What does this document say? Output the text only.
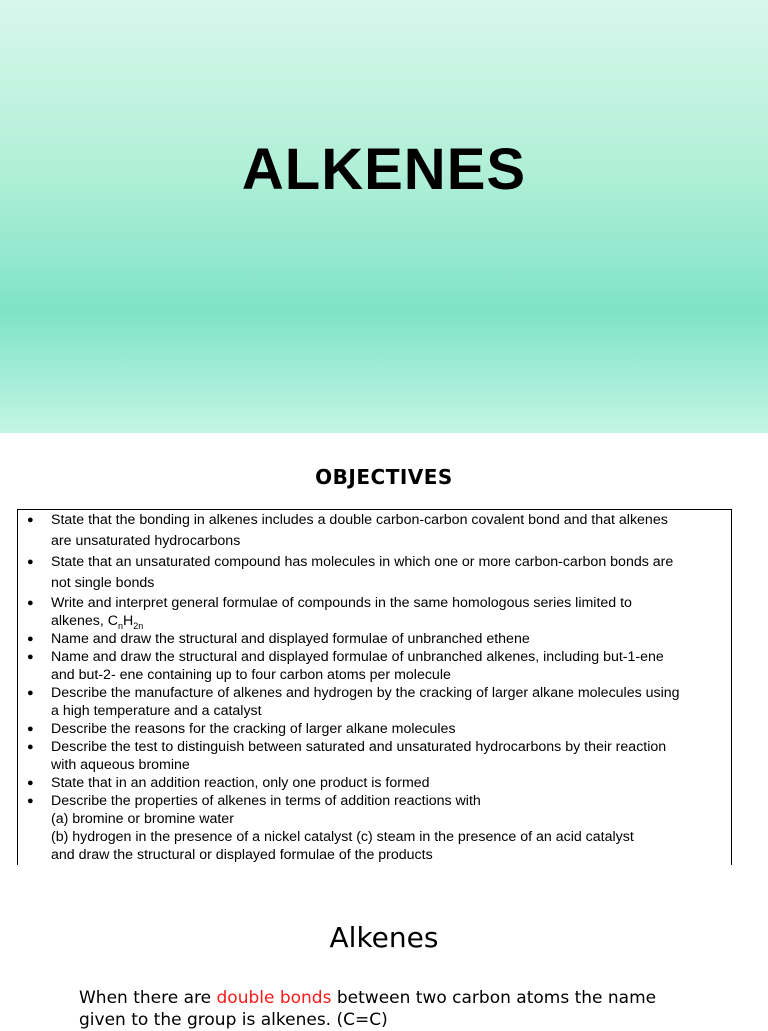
ALKENES
OBJECTIVES
● State that the bonding in alkenes includes a double carbon-carbon covalent bond and that alkenes
are unsaturated hydrocarbons
● State that an unsaturated compound has molecules in which one or more carbon-carbon bonds are
not single bonds
● Write and interpret general formulae of compounds in the same homologous series limited to
alkenes, $C_nH_{2n}$
● Name and draw the structural and displayed formulae of unbranched ethene
● Name and draw the structural and displayed formulae of unbranched alkenes, including but-1-ene
and but-2- ene containing up to four carbon atoms per molecule
● Describe the manufacture of alkenes and hydrogen by the cracking of larger alkane molecules using
a high temperature and a catalyst
● Describe the reasons for the cracking of larger alkane molecules
● Describe the test to distinguish between saturated and unsaturated hydrocarbons by their reaction
with aqueous bromine
● State that in an addition reaction, only one product is formed
● Describe the properties of alkenes in terms of addition reactions with
(a) bromine or bromine water
(b) hydrogen in the presence of a nickel catalyst (c) steam in the presence of an acid catalyst
and draw the structural or displayed formulae of the products
Alkenes
When there are double bonds between two carbon atoms the name
given to the group is alkenes. (C=C)
